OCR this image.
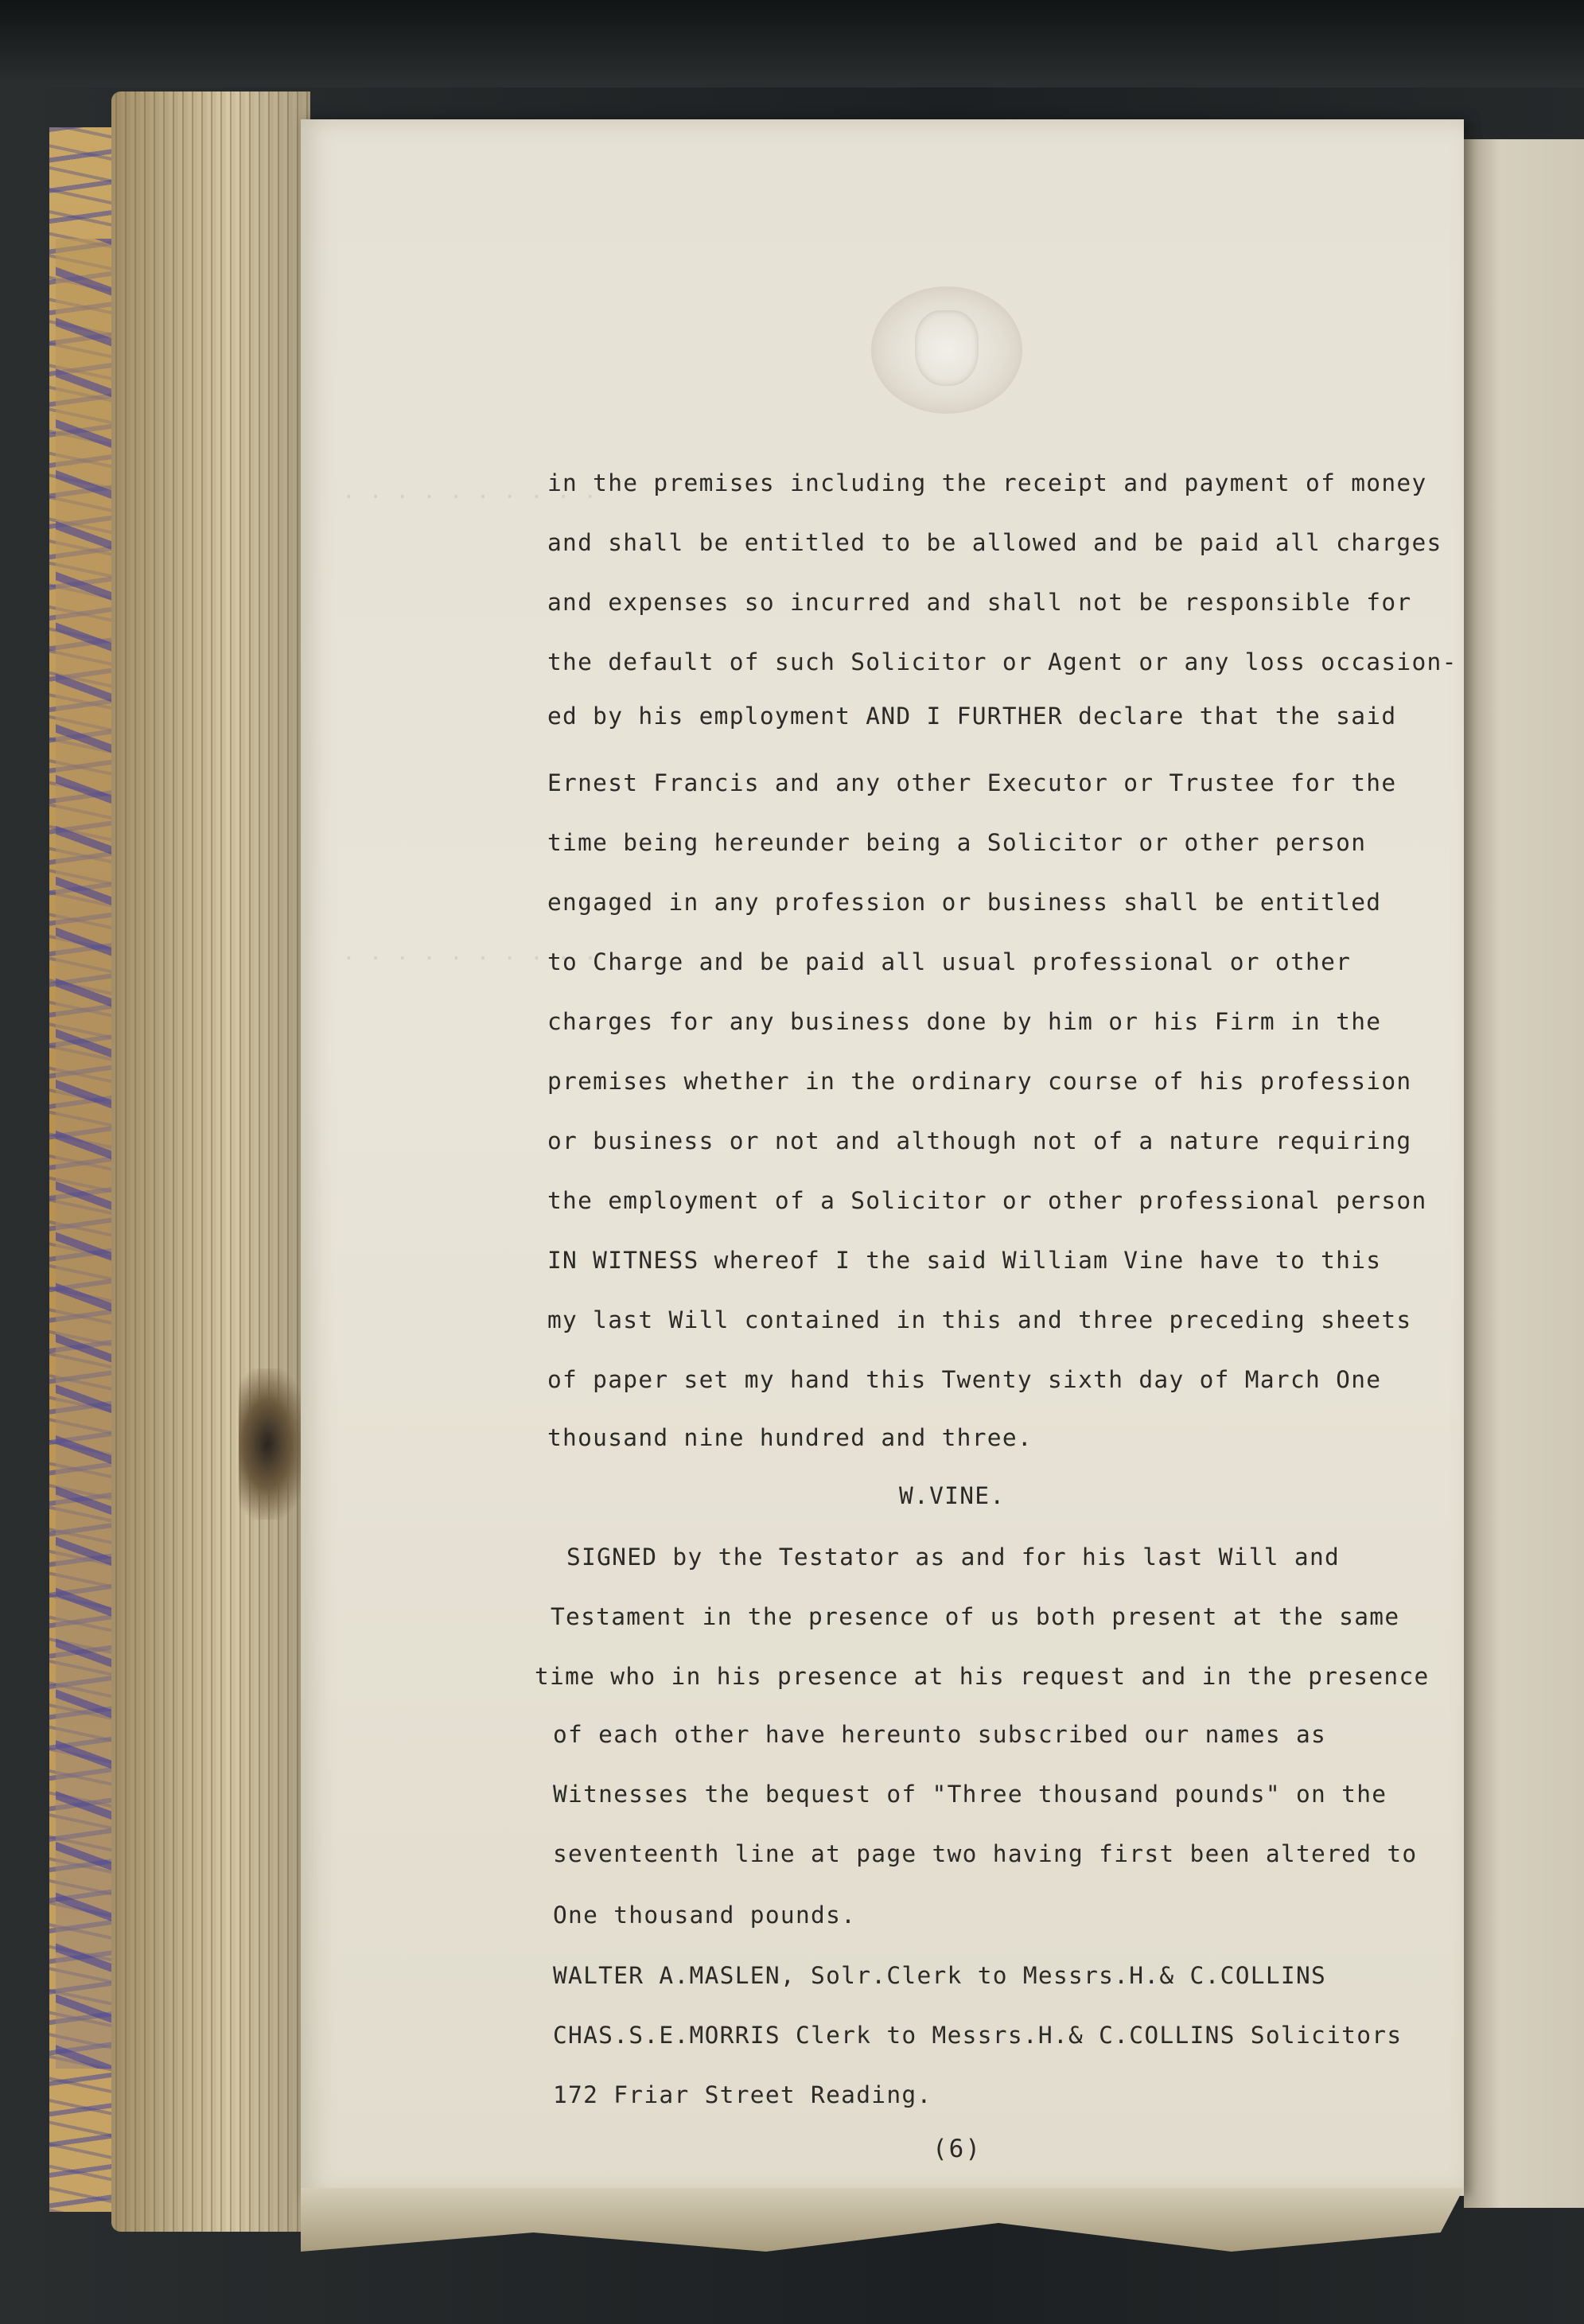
. . . . . . . . . .
. . . . . . . . . .
in the premises including the receipt and payment of money
and shall be entitled to be allowed and be paid all charges
and expenses so incurred and shall not be responsible for
the default of such Solicitor or Agent or any loss occasion-
ed by his employment AND I FURTHER declare that the said
Ernest Francis and any other Executor or Trustee for the
time being hereunder being a Solicitor or other person
engaged in any profession or business shall be entitled
to Charge and be paid all usual professional or other
charges for any business done by him or his Firm in the
premises whether in the ordinary course of his profession
or business or not and although not of a nature requiring
the employment of a Solicitor or other professional person
IN WITNESS whereof I the said William Vine have to this
my last Will contained in this and three preceding sheets
of paper set my hand this Twenty sixth day of March One
thousand nine hundred and three.
W.VINE.
SIGNED by the Testator as and for his last Will and
Testament in the presence of us both present at the same
time who in his presence at his request and in the presence
of each other have hereunto subscribed our names as
Witnesses the bequest of "Three thousand pounds" on the
seventeenth line at page two having first been altered to
One thousand pounds.
WALTER A.MASLEN, Solr.Clerk to Messrs.H.& C.COLLINS
CHAS.S.E.MORRIS Clerk to Messrs.H.& C.COLLINS Solicitors
172 Friar Street Reading.
(6)
